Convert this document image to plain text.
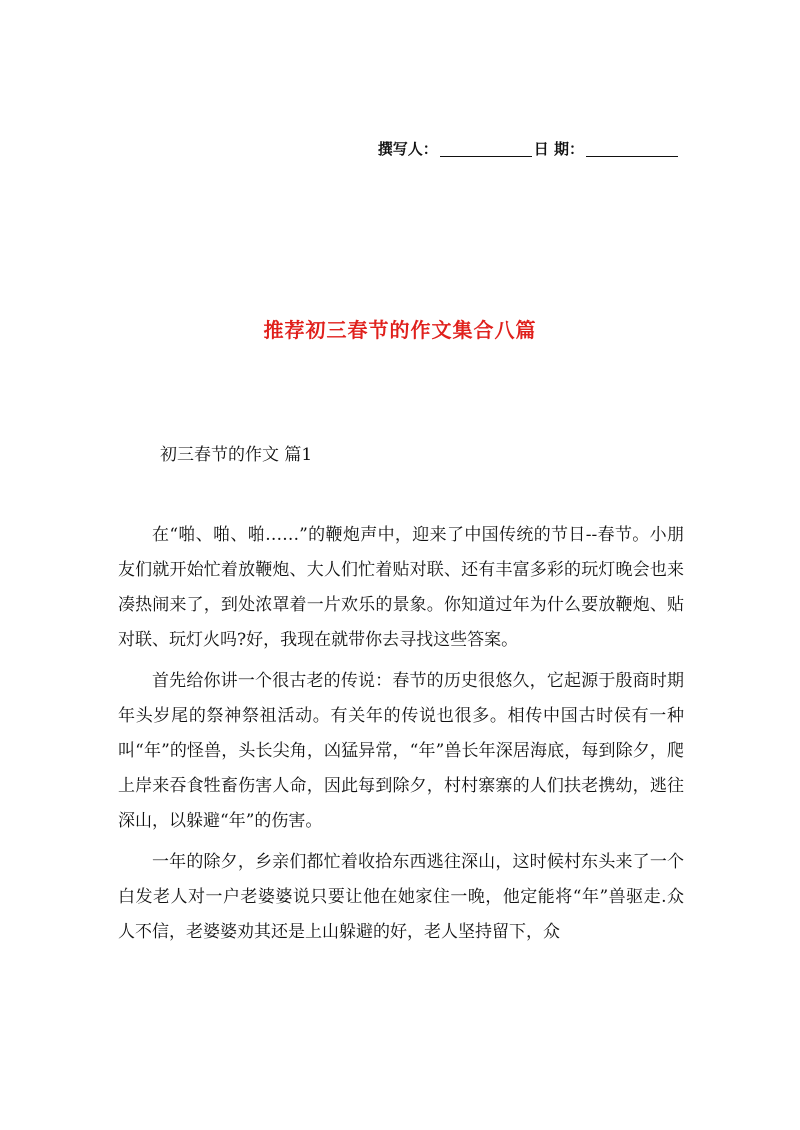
撰写人：	日 期：
推荐初三春节的作文集合八篇
初三春节的作文 篇1

在“啪、啪、啪……”的鞭炮声中，迎来了中国传统的节日--春节。小朋友们就开始忙着放鞭炮、大人们忙着贴对联、还有丰富多彩的玩灯晚会也来凑热闹来了，到处浓罩着一片欢乐的景象。你知道过年为什么要放鞭炮、贴对联、玩灯火吗?好，我现在就带你去寻找这些答案。

首先给你讲一个很古老的传说：春节的历史很悠久，它起源于殷商时期年头岁尾的祭神祭祖活动。有关年的传说也很多。相传中国古时侯有一种叫“年”的怪兽，头长尖角，凶猛异常，“年”兽长年深居海底，每到除夕，爬上岸来吞食牲畜伤害人命，因此每到除夕，村村寨寨的人们扶老携幼，逃往深山，以躲避“年”的伤害。

一年的除夕，乡亲们都忙着收拾东西逃往深山，这时候村东头来了一个白发老人对一户老婆婆说只要让他在她家住一晚，他定能将“年”兽驱走.众人不信，老婆婆劝其还是上山躲避的好，老人坚持留下，众
